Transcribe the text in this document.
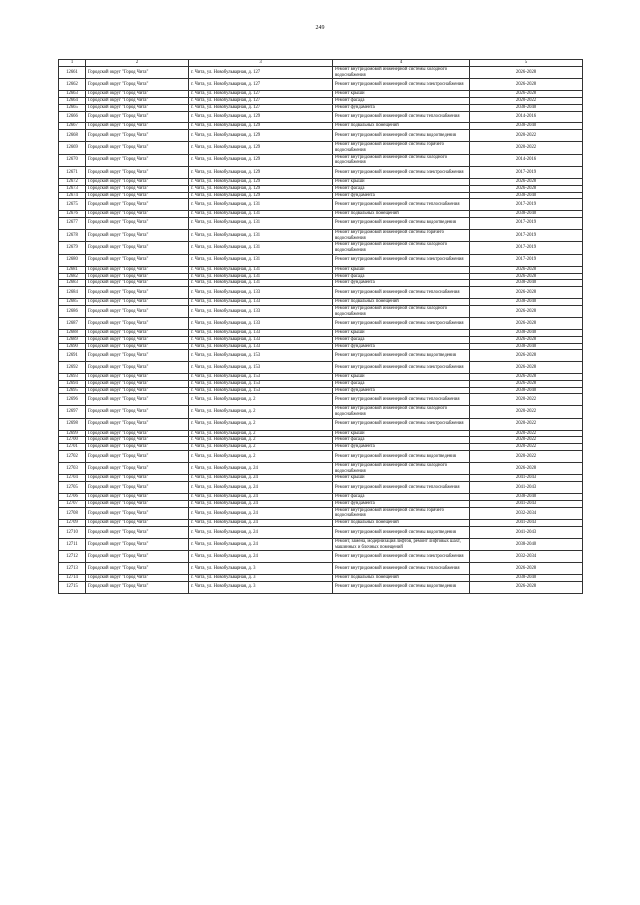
249
1	2	3	4	5
12661	Городской округ "Город Чита"	г. Чита, ул. Новобульварная, д. 127	Ремонт внутридомовой инженерной системы холодного водоснабжения	2026-2028
12662	Городской округ "Город Чита"	г. Чита, ул. Новобульварная, д. 127	Ремонт внутридомовой инженерной системы электроснабжения	2026-2028
12663	Городской округ "Город Чита"	г. Чита, ул. Новобульварная, д. 127	Ремонт крыши	2026-2028
12664	Городской округ "Город Чита"	г. Чита, ул. Новобульварная, д. 127	Ремонт фасада	2020-2022
12665	Городской округ "Город Чита"	г. Чита, ул. Новобульварная, д. 127	Ремонт фундамента	2038-2040
12666	Городской округ "Город Чита"	г. Чита, ул. Новобульварная, д. 129	Ремонт внутридомовой инженерной системы теплоснабжения	2014-2016
12667	Городской округ "Город Чита"	г. Чита, ул. Новобульварная, д. 129	Ремонт подвальных помещений	2038-2040
12668	Городской округ "Город Чита"	г. Чита, ул. Новобульварная, д. 129	Ремонт внутридомовой инженерной системы водоотведения	2020-2022
12669	Городской округ "Город Чита"	г. Чита, ул. Новобульварная, д. 129	Ремонт внутридомовой инженерной системы горячего водоснабжения	2020-2022
12670	Городской округ "Город Чита"	г. Чита, ул. Новобульварная, д. 129	Ремонт внутридомовой инженерной системы холодного водоснабжения	2014-2016
12671	Городской округ "Город Чита"	г. Чита, ул. Новобульварная, д. 129	Ремонт внутридомовой инженерной системы электроснабжения	2017-2019
12672	Городской округ "Город Чита"	г. Чита, ул. Новобульварная, д. 129	Ремонт крыши	2026-2028
12673	Городской округ "Город Чита"	г. Чита, ул. Новобульварная, д. 129	Ремонт фасада	2026-2028
12674	Городской округ "Город Чита"	г. Чита, ул. Новобульварная, д. 129	Ремонт фундамента	2038-2040
12675	Городской округ "Город Чита"	г. Чита, ул. Новобульварная, д. 131	Ремонт внутридомовой инженерной системы теплоснабжения	2017-2019
12676	Городской округ "Город Чита"	г. Чита, ул. Новобульварная, д. 131	Ремонт подвальных помещений	2038-2040
12677	Городской округ "Город Чита"	г. Чита, ул. Новобульварная, д. 131	Ремонт внутридомовой инженерной системы водоотведения	2017-2019
12678	Городской округ "Город Чита"	г. Чита, ул. Новобульварная, д. 131	Ремонт внутридомовой инженерной системы горячего водоснабжения	2017-2019
12679	Городской округ "Город Чита"	г. Чита, ул. Новобульварная, д. 131	Ремонт внутридомовой инженерной системы холодного водоснабжения	2017-2019
12680	Городской округ "Город Чита"	г. Чита, ул. Новобульварная, д. 131	Ремонт внутридомовой инженерной системы электроснабжения	2017-2019
12681	Городской округ "Город Чита"	г. Чита, ул. Новобульварная, д. 131	Ремонт крыши	2026-2028
12682	Городской округ "Город Чита"	г. Чита, ул. Новобульварная, д. 131	Ремонт фасада	2026-2028
12683	Городской округ "Город Чита"	г. Чита, ул. Новобульварная, д. 131	Ремонт фундамента	2038-2040
12684	Городской округ "Город Чита"	г. Чита, ул. Новобульварная, д. 133	Ремонт внутридомовой инженерной системы теплоснабжения	2026-2028
12685	Городской округ "Город Чита"	г. Чита, ул. Новобульварная, д. 133	Ремонт подвальных помещений	2038-2040
12686	Городской округ "Город Чита"	г. Чита, ул. Новобульварная, д. 133	Ремонт внутридомовой инженерной системы холодного водоснабжения	2026-2028
12687	Городской округ "Город Чита"	г. Чита, ул. Новобульварная, д. 133	Ремонт внутридомовой инженерной системы электроснабжения	2026-2028
12688	Городской округ "Город Чита"	г. Чита, ул. Новобульварная, д. 133	Ремонт крыши	2038-2040
12689	Городской округ "Город Чита"	г. Чита, ул. Новобульварная, д. 133	Ремонт фасада	2026-2028
12690	Городской округ "Город Чита"	г. Чита, ул. Новобульварная, д. 133	Ремонт фундамента	2038-2040
12691	Городской округ "Город Чита"	г. Чита, ул. Новобульварная, д. 153	Ремонт внутридомовой инженерной системы водоотведения	2026-2028
12692	Городской округ "Город Чита"	г. Чита, ул. Новобульварная, д. 153	Ремонт внутридомовой инженерной системы электроснабжения	2026-2028
12693	Городской округ "Город Чита"	г. Чита, ул. Новобульварная, д. 153	Ремонт крыши	2026-2028
12694	Городской округ "Город Чита"	г. Чита, ул. Новобульварная, д. 153	Ремонт фасада	2026-2028
12695	Городской округ "Город Чита"	г. Чита, ул. Новобульварная, д. 153	Ремонт фундамента	2038-2040
12696	Городской округ "Город Чита"	г. Чита, ул. Новобульварная, д. 2	Ремонт внутридомовой инженерной системы теплоснабжения	2020-2022
12697	Городской округ "Город Чита"	г. Чита, ул. Новобульварная, д. 2	Ремонт внутридомовой инженерной системы холодного водоснабжения	2020-2022
12698	Городской округ "Город Чита"	г. Чита, ул. Новобульварная, д. 2	Ремонт внутридомовой инженерной системы электроснабжения	2020-2022
12699	Городской округ "Город Чита"	г. Чита, ул. Новобульварная, д. 2	Ремонт крыши	2020-2022
12700	Городской округ "Город Чита"	г. Чита, ул. Новобульварная, д. 2	Ремонт фасада	2020-2022
12701	Городской округ "Город Чита"	г. Чита, ул. Новобульварная, д. 2	Ремонт фундамента	2020-2022
12702	Городской округ "Город Чита"	г. Чита, ул. Новобульварная, д. 2	Ремонт внутридомовой инженерной системы водоотведения	2020-2022
12703	Городской округ "Город Чита"	г. Чита, ул. Новобульварная, д. 24	Ремонт внутридомовой инженерной системы холодного водоснабжения	2026-2028
12704	Городской округ "Город Чита"	г. Чита, ул. Новобульварная, д. 24	Ремонт крыши	2041-2043
12705	Городской округ "Город Чита"	г. Чита, ул. Новобульварная, д. 24	Ремонт внутридомовой инженерной системы теплоснабжения	2041-2043
12706	Городской округ "Город Чита"	г. Чита, ул. Новобульварная, д. 24	Ремонт фасада	2038-2040
12707	Городской округ "Город Чита"	г. Чита, ул. Новобульварная, д. 24	Ремонт фундамента	2041-2043
12708	Городской округ "Город Чита"	г. Чита, ул. Новобульварная, д. 24	Ремонт внутридомовой инженерной системы горячего водоснабжения	2032-2034
12709	Городской округ "Город Чита"	г. Чита, ул. Новобульварная, д. 24	Ремонт подвальных помещений	2041-2043
12710	Городской округ "Город Чита"	г. Чита, ул. Новобульварная, д. 24	Ремонт внутридомовой инженерной системы водоотведения	2041-2043
12711	Городской округ "Город Чита"	г. Чита, ул. Новобульварная, д. 24	Ремонт, замена, модернизация лифтов, ремонт лифтовых шахт, машинных и блочных помещений	2038-2040
12712	Городской округ "Город Чита"	г. Чита, ул. Новобульварная, д. 24	Ремонт внутридомовой инженерной системы электроснабжения	2032-2034
12713	Городской округ "Город Чита"	г. Чита, ул. Новобульварная, д. 3	Ремонт внутридомовой инженерной системы теплоснабжения	2026-2028
12714	Городской округ "Город Чита"	г. Чита, ул. Новобульварная, д. 3	Ремонт подвальных помещений	2038-2040
12715	Городской округ "Город Чита"	г. Чита, ул. Новобульварная, д. 3	Ремонт внутридомовой инженерной системы водоотведения	2026-2028
